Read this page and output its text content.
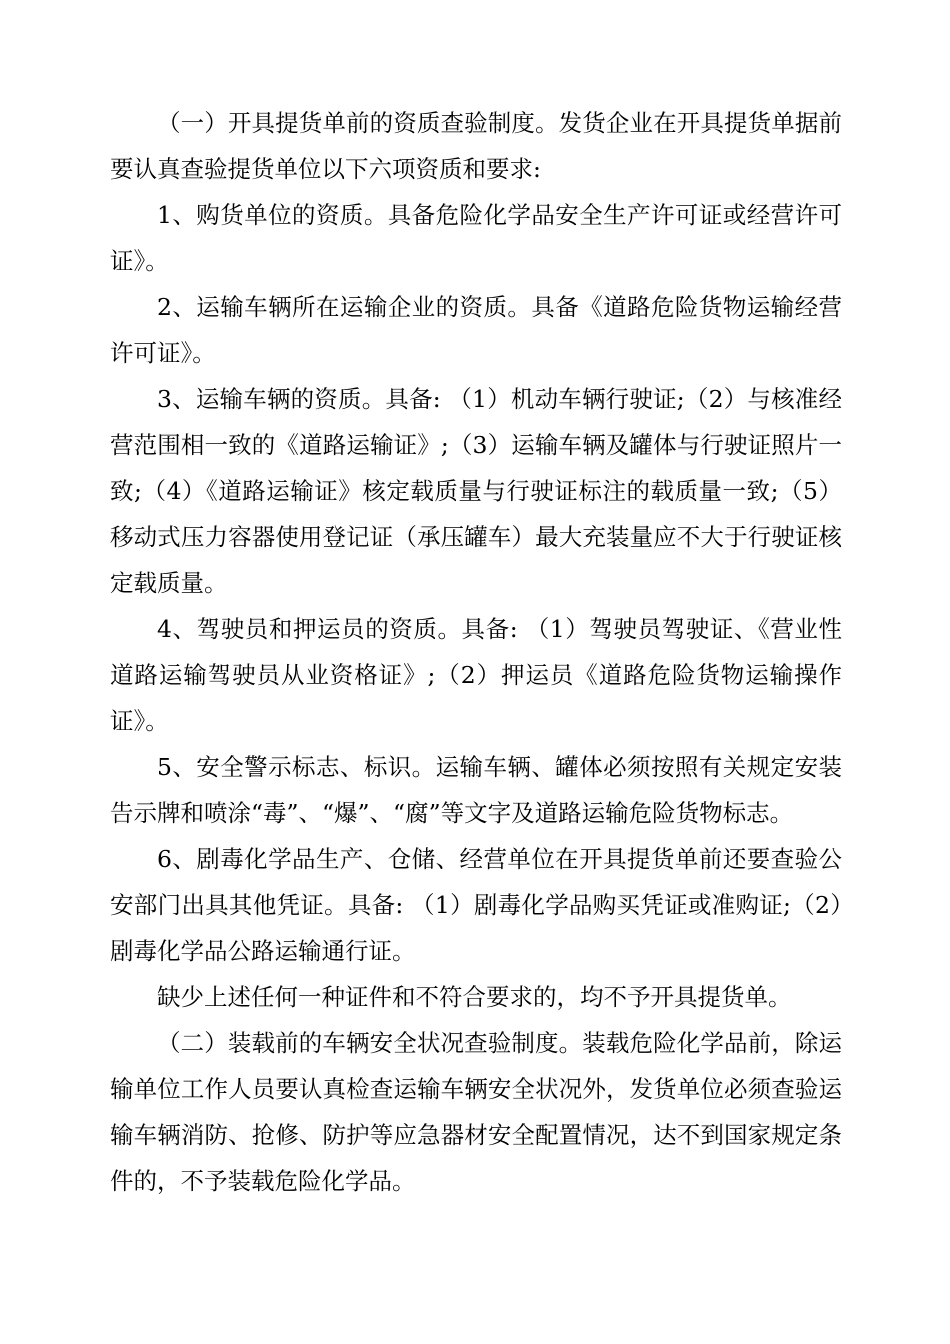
（一）开具提货单前的资质查验制度。发货企业在开具提货单据前要认真查验提货单位以下六项资质和要求:

1、购货单位的资质。具备危险化学品安全生产许可证或经营许可证》。

2、运输车辆所在运输企业的资质。具备《道路危险货物运输经营许可证》。

3、运输车辆的资质。具备: （1）机动车辆行驶证;（2）与核准经营范围相一致的《道路运输证》;（3）运输车辆及罐体与行驶证照片一致;（4）《道路运输证》核定载质量与行驶证标注的载质量一致;（5）移动式压力容器使用登记证（承压罐车）最大充装量应不大于行驶证核定载质量。

4、驾驶员和押运员的资质。具备: （1）驾驶员驾驶证、《营业性道路运输驾驶员从业资格证》;（2）押运员《道路危险货物运输操作证》。

5、安全警示标志、标识。运输车辆、罐体必须按照有关规定安装告示牌和喷涂“毒”、“爆”、“腐”等文字及道路运输危险货物标志。

6、剧毒化学品生产、仓储、经营单位在开具提货单前还要查验公安部门出具其他凭证。具备: （1）剧毒化学品购买凭证或准购证;（2）剧毒化学品公路运输通行证。

缺少上述任何一种证件和不符合要求的，均不予开具提货单。

（二）装载前的车辆安全状况查验制度。装载危险化学品前，除运输单位工作人员要认真检查运输车辆安全状况外，发货单位必须查验运输车辆消防、抢修、防护等应急器材安全配置情况，达不到国家规定条件的，不予装载危险化学品。
